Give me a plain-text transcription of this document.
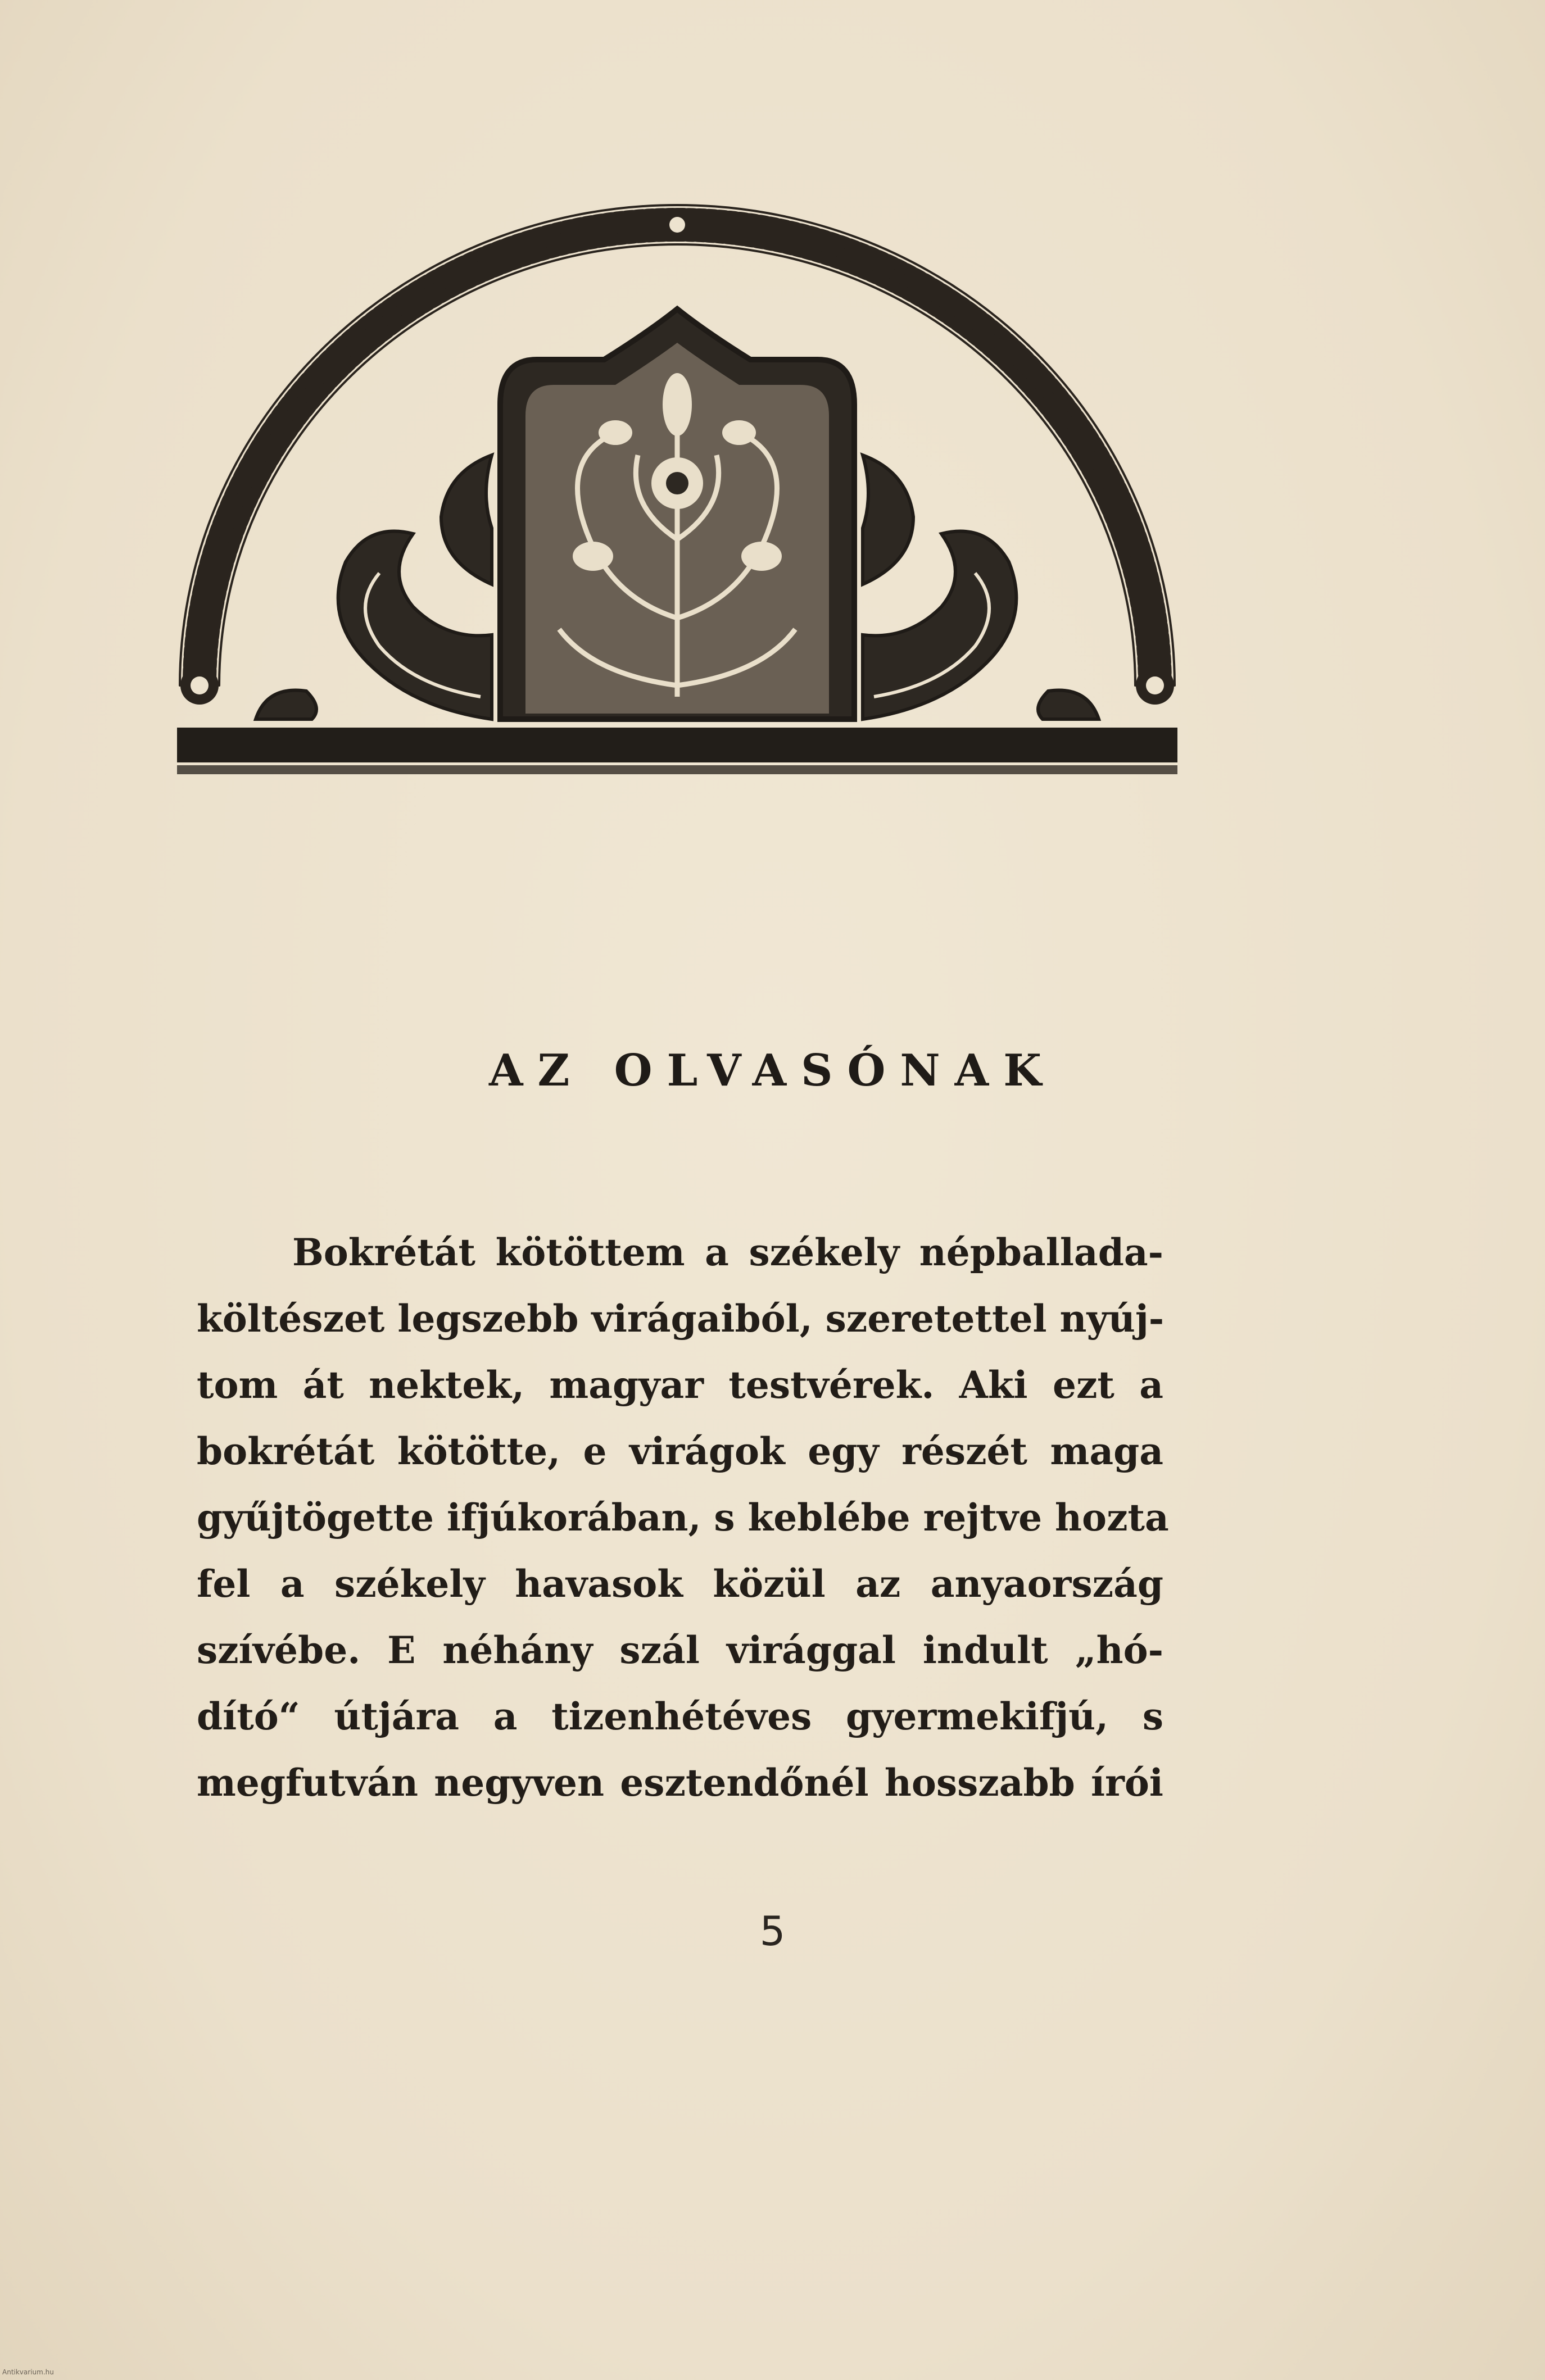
AZ OLVASÓNAK
Bokrétát kötöttem a székely népballada-
költészet legszebb virágaiból, szeretettel nyúj-
tom át nektek, magyar testvérek. Aki ezt a
bokrétát kötötte, e virágok egy részét maga
gyűjtögette ifjúkorában, s keblébe rejtve hozta
fel a székely havasok közül az anyaország
szívébe. E néhány szál virággal indult „hó-
dító“ útjára a tizenhétéves gyermekifjú, s
megfutván negyven esztendőnél hosszabb írói
5
Antikvarium.hu
